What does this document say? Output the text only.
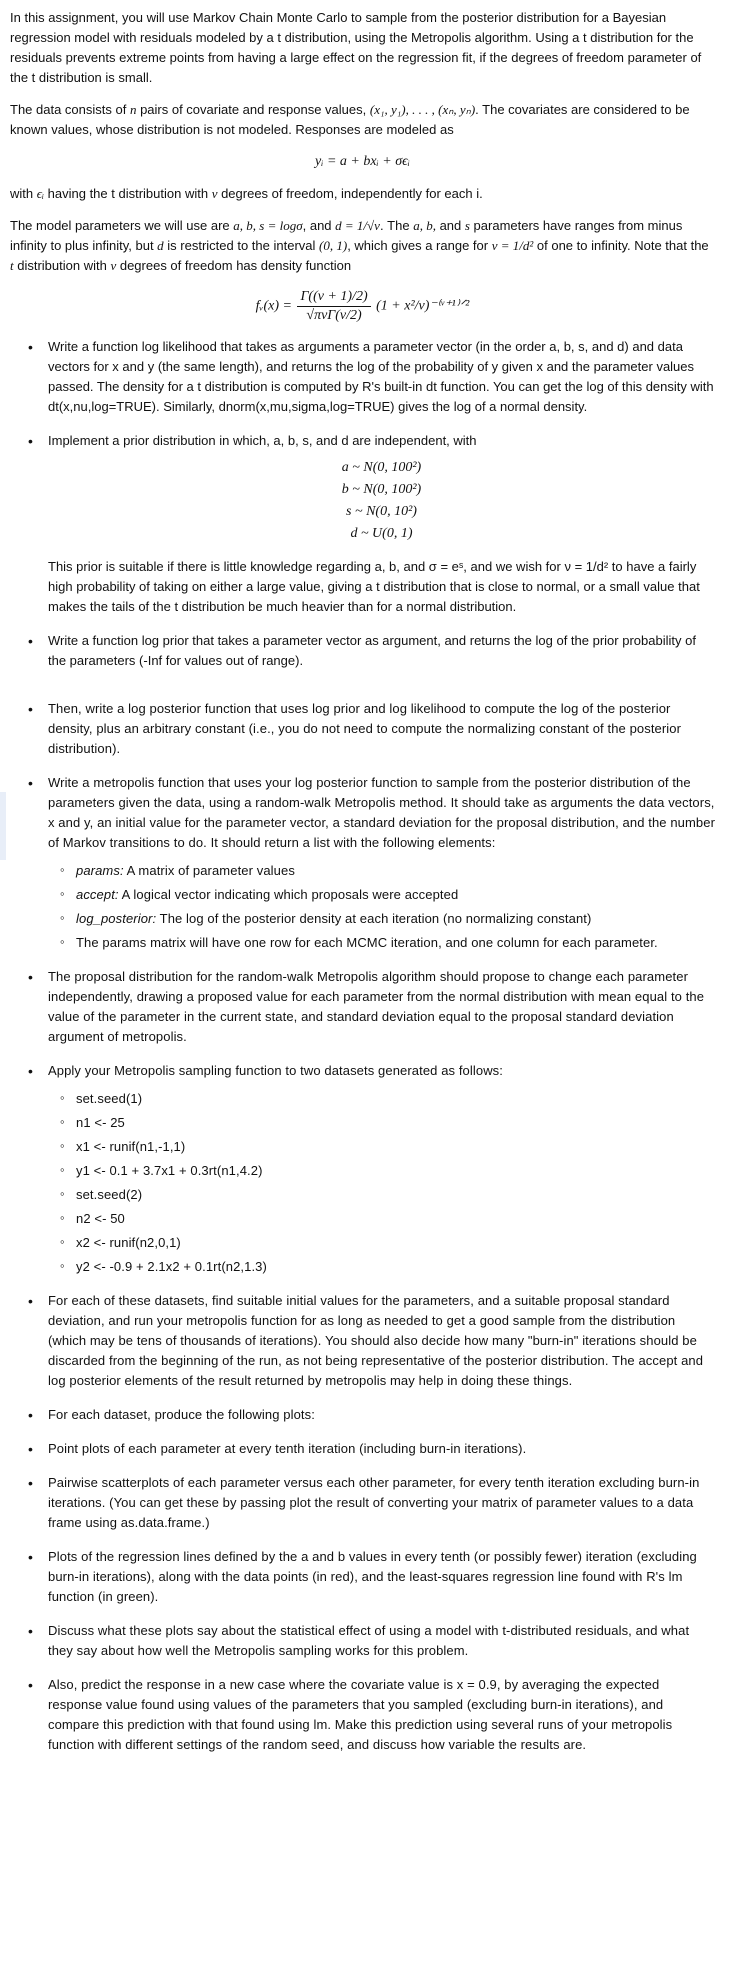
In this assignment, you will use Markov Chain Monte Carlo to sample from the posterior distribution for a Bayesian regression model with residuals modeled by a t distribution, using the Metropolis algorithm. Using a t distribution for the residuals prevents extreme points from having a large effect on the regression fit, if the degrees of freedom parameter of the t distribution is small.

The data consists of n pairs of covariate and response values, (x₁, y₁), . . . , (xₙ, yₙ). The covariates are considered to be known values, whose distribution is not modeled. Responses are modeled as

yᵢ = a + bxᵢ + σϵᵢ

with ϵᵢ having the t distribution with ν degrees of freedom, independently for each i.

The model parameters we will use are a, b, s = logσ, and d = 1/√ν. The a, b, and s parameters have ranges from minus infinity to plus infinity, but d is restricted to the interval (0, 1), which gives a range for ν = 1/d² of one to infinity. Note that the t distribution with ν degrees of freedom has density function

fᵥ(x) = $\frac{\Gamma((\nu + 1)/2)}{\text{√πνΓ(ν/2)}} (1$ + x²/ν)⁻⁽ᵛ⁺¹⁾ᐟ²
• Write a function log likelihood that takes as arguments a parameter vector (in the order a, b, s, and d) and data vectors for x and y (the same length), and returns the log of the probability of y given x and the parameter values passed. The density for a t distribution is computed by R's built-in dt function. You can get the log of this density with dt(x,nu,log=TRUE). Similarly, dnorm(x,mu,sigma,log=TRUE) gives the log of a normal density.
• Implement a prior distribution in which, a, b, s, and d are independent, with
a ~ N(0, 100²)
b ~ N(0, 100²)
s ~ N(0, 10²)
d ~ U(0, 1)

This prior is suitable if there is little knowledge regarding a, b, and σ = eˢ, and we wish for ν = 1/d² to have a fairly high probability of taking on either a large value, giving a t distribution that is close to normal, or a small value that makes the tails of the t distribution be much heavier than for a normal distribution.

• Write a function log prior that takes a parameter vector as argument, and returns the log of the prior probability of the parameters (-Inf for values out of range).
• Then, write a log posterior function that uses log prior and log likelihood to compute the log of the posterior density, plus an arbitrary constant (i.e., you do not need to compute the normalizing constant of the posterior distribution).
• Write a metropolis function that uses your log posterior function to sample from the posterior distribution of the parameters given the data, using a random-walk Metropolis method. It should take as arguments the data vectors, x and y, an initial value for the parameter vector, a standard deviation for the proposal distribution, and the number of Markov transitions to do. It should return a list with the following elements:
◦ params: A matrix of parameter values
◦ accept: A logical vector indicating which proposals were accepted
◦ log_posterior: The log of the posterior density at each iteration (no normalizing constant)
◦ The params matrix will have one row for each MCMC iteration, and one column for each parameter.
• The proposal distribution for the random-walk Metropolis algorithm should propose to change each parameter independently, drawing a proposed value for each parameter from the normal distribution with mean equal to the value of the parameter in the current state, and standard deviation equal to the proposal standard deviation argument of metropolis.
• Apply your Metropolis sampling function to two datasets generated as follows:
◦ set.seed(1)
◦ n1 <- 25
◦ x1 <- runif(n1,-1,1)
◦ y1 <- 0.1 + 3.7x1 + 0.3rt(n1,4.2)
◦ set.seed(2)
◦ n2 <- 50
◦ x2 <- runif(n2,0,1)
◦ y2 <- -0.9 + 2.1x2 + 0.1rt(n2,1.3)
• For each of these datasets, find suitable initial values for the parameters, and a suitable proposal standard deviation, and run your metropolis function for as long as needed to get a good sample from the distribution (which may be tens of thousands of iterations). You should also decide how many "burn-in" iterations should be discarded from the beginning of the run, as not being representative of the posterior distribution. The accept and log posterior elements of the result returned by metropolis may help in doing these things.
• For each dataset, produce the following plots:
• Point plots of each parameter at every tenth iteration (including burn-in iterations).
• Pairwise scatterplots of each parameter versus each other parameter, for every tenth iteration excluding burn-in iterations. (You can get these by passing plot the result of converting your matrix of parameter values to a data frame using as.data.frame.)
• Plots of the regression lines defined by the a and b values in every tenth (or possibly fewer) iteration (excluding burn-in iterations), along with the data points (in red), and the least-squares regression line found with R's lm function (in green).
• Discuss what these plots say about the statistical effect of using a model with t-distributed residuals, and what they say about how well the Metropolis sampling works for this problem.
• Also, predict the response in a new case where the covariate value is x = 0.9, by averaging the expected response value found using values of the parameters that you sampled (excluding burn-in iterations), and compare this prediction with that found using lm. Make this prediction using several runs of your metropolis function with different settings of the random seed, and discuss how variable the results are.
